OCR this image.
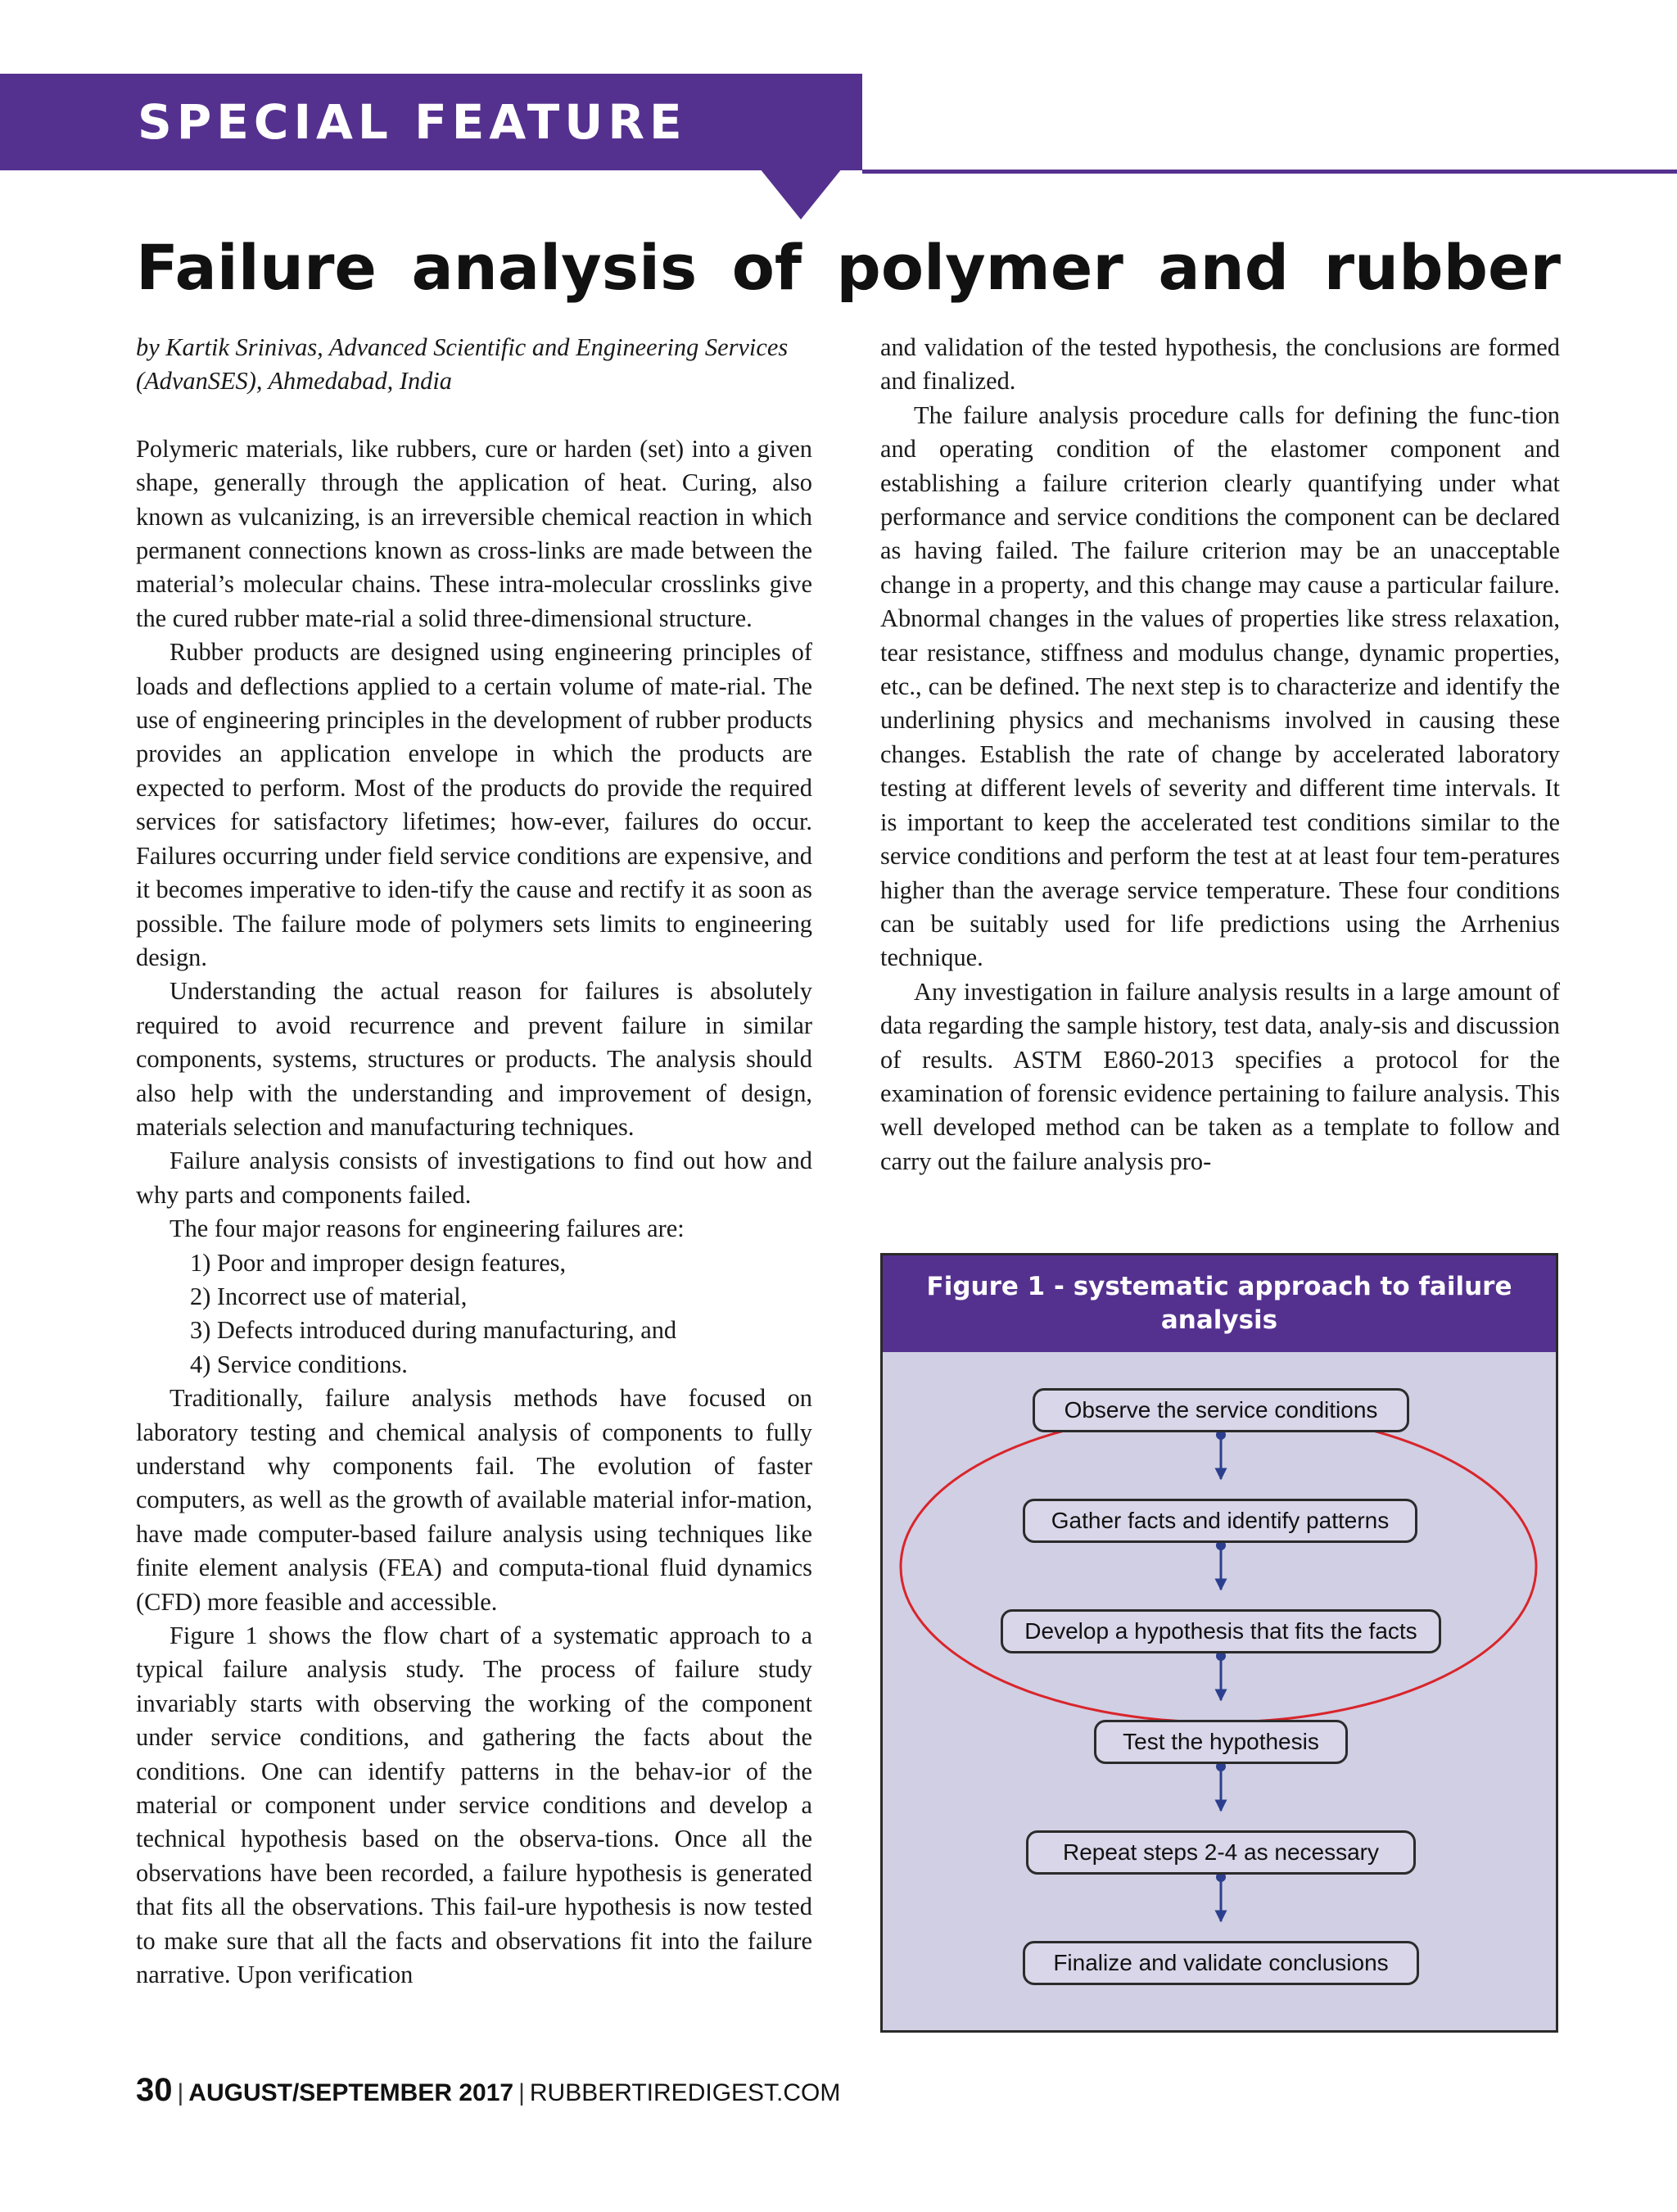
SPECIAL FEATURE
Failure analysis of polymer and rubber

by Kartik Srinivas, Advanced Scientific and Engineering Services (AdvanSES), Ahmedabad, India

Polymeric materials, like rubbers, cure or harden (set) into a given shape, generally through the application of heat. Curing, also known as vulcanizing, is an irreversible chemical reaction in which permanent connections known as cross-links are made between the material’s molecular chains. These intra-molecular crosslinks give the cured rubber mate-rial a solid three-dimensional structure.

Rubber products are designed using engineering principles of loads and deflections applied to a certain volume of mate-rial. The use of engineering principles in the development of rubber products provides an application envelope in which the products are expected to perform. Most of the products do provide the required services for satisfactory lifetimes; how-ever, failures do occur. Failures occurring under field service conditions are expensive, and it becomes imperative to iden-tify the cause and rectify it as soon as possible. The failure mode of polymers sets limits to engineering design.

Understanding the actual reason for failures is absolutely required to avoid recurrence and prevent failure in similar components, systems, structures or products. The analysis should also help with the understanding and improvement of design, materials selection and manufacturing techniques.

Failure analysis consists of investigations to find out how and why parts and components failed.

The four major reasons for engineering failures are:

1) Poor and improper design features,
2) Incorrect use of material,
3) Defects introduced during manufacturing, and
4) Service conditions.

Traditionally, failure analysis methods have focused on laboratory testing and chemical analysis of components to fully understand why components fail. The evolution of faster computers, as well as the growth of available material infor-mation, have made computer-based failure analysis using techniques like finite element analysis (FEA) and computa-tional fluid dynamics (CFD) more feasible and accessible.

Figure 1 shows the flow chart of a systematic approach to a typical failure analysis study. The process of failure study invariably starts with observing the working of the component under service conditions, and gathering the facts about the conditions. One can identify patterns in the behav-ior of the material or component under service conditions and develop a technical hypothesis based on the observa-tions. Once all the observations have been recorded, a failure hypothesis is generated that fits all the observations. This fail-ure hypothesis is now tested to make sure that all the facts and observations fit into the failure narrative. Upon verification

and validation of the tested hypothesis, the conclusions are formed and finalized.

The failure analysis procedure calls for defining the func-tion and operating condition of the elastomer component and establishing a failure criterion clearly quantifying under what performance and service conditions the component can be declared as having failed. The failure criterion may be an unacceptable change in a property, and this change may cause a particular failure. Abnormal changes in the values of properties like stress relaxation, tear resistance, stiffness and modulus change, dynamic properties, etc., can be defined. The next step is to characterize and identify the underlining physics and mechanisms involved in causing these changes. Establish the rate of change by accelerated laboratory testing at different levels of severity and different time intervals. It is important to keep the accelerated test conditions similar to the service conditions and perform the test at at least four tem-peratures higher than the average service temperature. These four conditions can be suitably used for life predictions using the Arrhenius technique.

Any investigation in failure analysis results in a large amount of data regarding the sample history, test data, analy-sis and discussion of results. ASTM E860-2013 specifies a protocol for the examination of forensic evidence pertaining to failure analysis. This well developed method can be taken as a template to follow and carry out the failure analysis pro-

Figure 1 - systematic approach to failure
analysis
Observe the service conditions
Gather facts and identify patterns
Develop a hypothesis that fits the facts
Test the hypothesis
Repeat steps 2-4 as necessary
Finalize and validate conclusions
30 | AUGUST/SEPTEMBER 2017 | RUBBERTIREDIGEST.COM
